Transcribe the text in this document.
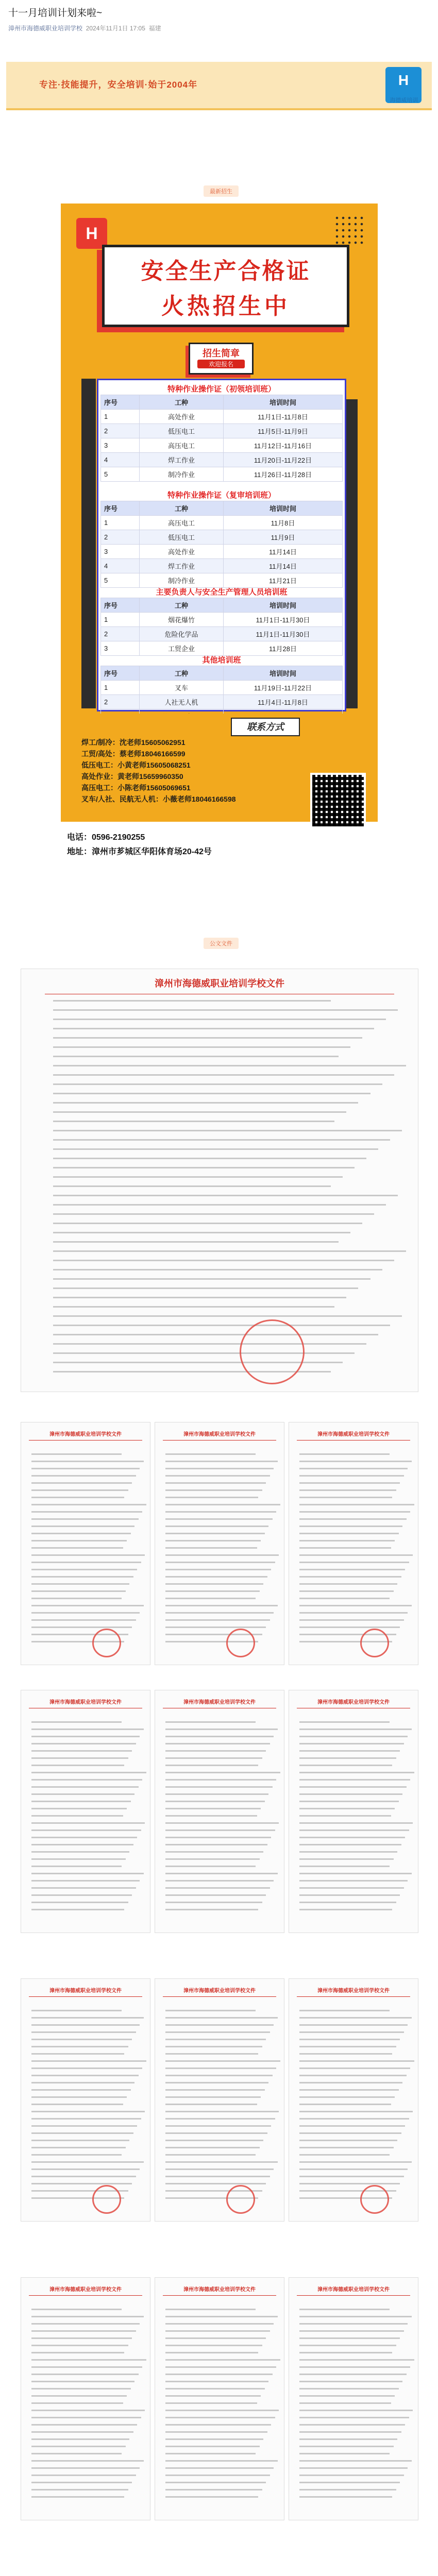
十一月培训计划来啦~
漳州市海德威职业培训学校 2024年11月1日 17:05 福建
专注·技能提升，安全培训·始于2004年	H
海德威培训
最新招生
H
安全生产合格证
火热招生中
招生简章
欢迎报名
特种作业操作证（初领培训班）
序号	工种	培训时间
1	高处作业	11月1日-11月8日
2	低压电工	11月5日-11月9日
3	高压电工	11月12日-11月16日
4	焊工作业	11月20日-11月22日
5	制冷作业	11月26日-11月28日
特种作业操作证（复审培训班）
序号	工种	培训时间
1	高压电工	11月8日
2	低压电工	11月9日
3	高处作业	11月14日
4	焊工作业	11月14日
5	制冷作业	11月21日
主要负责人与安全生产管理人员培训班
序号	工种	培训时间
1	烟花爆竹	11月1日-11月30日
2	危险化学品	11月1日-11月30日
3	工贸企业	11月28日
其他培训班
序号	工种	培训时间
1	叉车	11月19日-11月22日
2	人社无人机	11月4日-11月8日

联系方式
焊工/制冷：沈老师15605062951
工贸/高处：蔡老师18046166599
低压电工：小黄老师15605068251
高处作业：黄老师15659960350
高压电工：小陈老师15605069651
叉车/人社、民航无人机：小薇老师18046166598
电话：0596-2190255
地址：漳州市芗城区华阳体育场20-42号
公文文件
漳州市海德威职业培训学校文件
漳州市海德威职业培训学校文件	漳州市海德威职业培训学校文件	漳州市海德威职业培训学校文件
漳州市海德威职业培训学校文件	漳州市海德威职业培训学校文件	漳州市海德威职业培训学校文件
漳州市海德威职业培训学校文件	漳州市海德威职业培训学校文件	漳州市海德威职业培训学校文件
漳州市海德威职业培训学校文件	漳州市海德威职业培训学校文件	漳州市海德威职业培训学校文件
